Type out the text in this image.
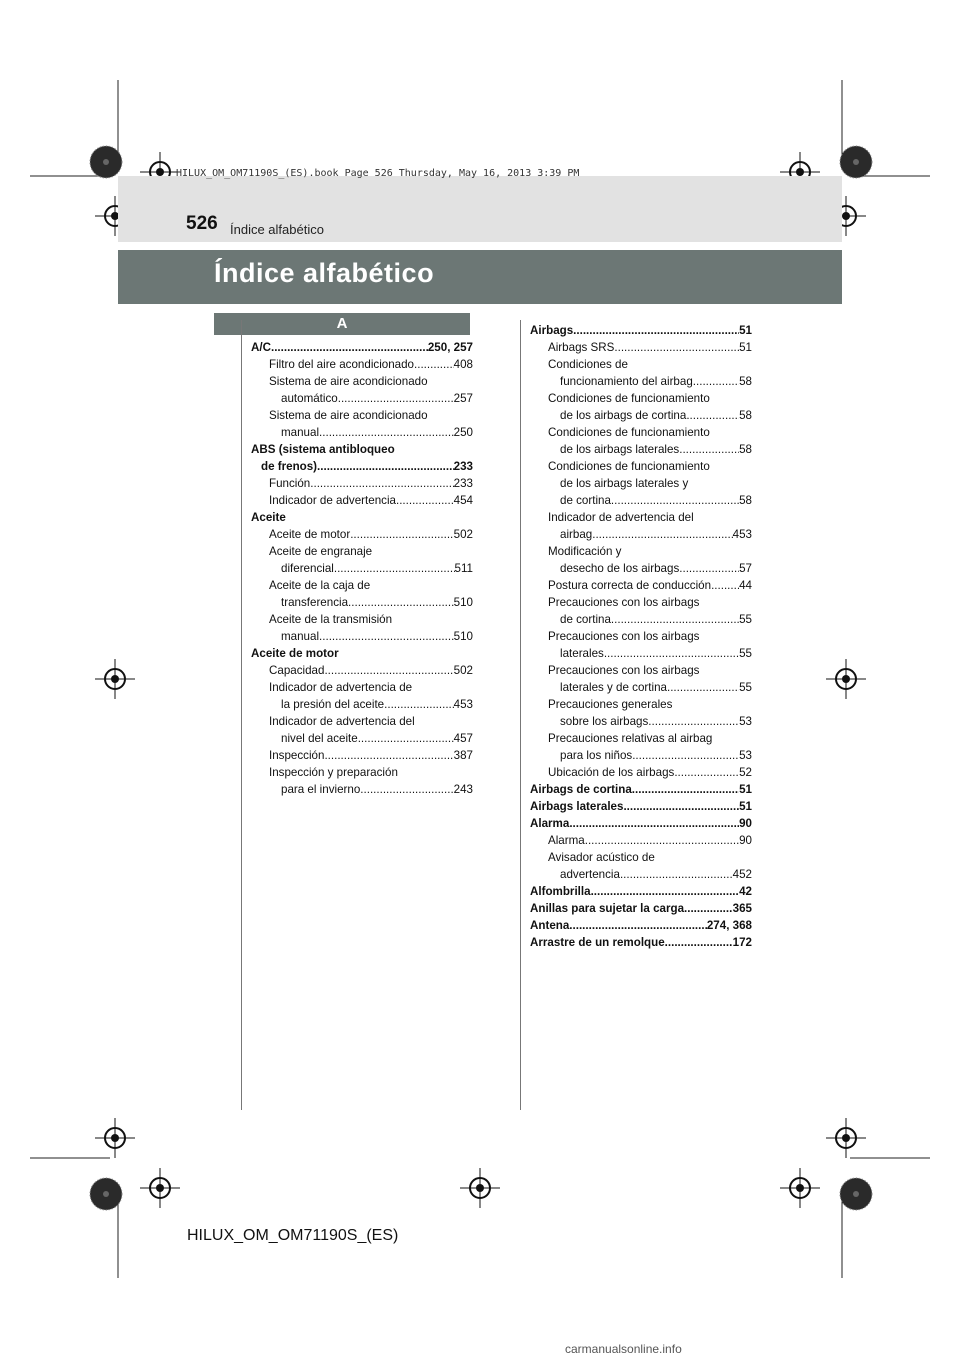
HILUX_OM_OM71190S_(ES).book Page 526 Thursday, May 16, 2013 3:39 PM
526 Índice alfabético
Índice alfabético
A
A/C .....	250, 257
Filtro del aire acondicionado .....	408
Sistema de aire acondicionado
automático .....	257
Sistema de aire acondicionado
manual .....	250
ABS (sistema antibloqueo
de frenos) .....	233
Función .....	233
Indicador de advertencia .....	454
Aceite
Aceite de motor .....	502
Aceite de engranaje
diferencial .....	511
Aceite de la caja de
transferencia .....	510
Aceite de la transmisión
manual .....	510
Aceite de motor
Capacidad .....	502
Indicador de advertencia de
la presión del aceite .....	453
Indicador de advertencia del
nivel del aceite .....	457
Inspección .....	387
Inspección y preparación
para el invierno .....	243
Airbags .....	51
Airbags SRS .....	51
Condiciones de
funcionamiento del airbag .....	58
Condiciones de funcionamiento
de los airbags de cortina .....	58
Condiciones de funcionamiento
de los airbags laterales .....	58
Condiciones de funcionamiento
de los airbags laterales y
de cortina .....	58
Indicador de advertencia del
airbag .....	453
Modificación y
desecho de los airbags .....	57
Postura correcta de conducción ..... 44
Precauciones con los airbags
de cortina .....	55
Precauciones con los airbags
laterales .....	55
Precauciones con los airbags
laterales y de cortina .....	55
Precauciones generales
sobre los airbags .....	53
Precauciones relativas al airbag
para los niños .....	53
Ubicación de los airbags .....	52
Airbags de cortina .....	51
Airbags laterales .....	51
Alarma .....	90
Alarma .....	90
Avisador acústico de
advertencia .....	452
Alfombrilla .....	42
Anillas para sujetar la carga .....	365
Antena .....	274, 368
Arrastre de un remolque .....	172
HILUX_OM_OM71190S_(ES)
carmanualsonline.info
